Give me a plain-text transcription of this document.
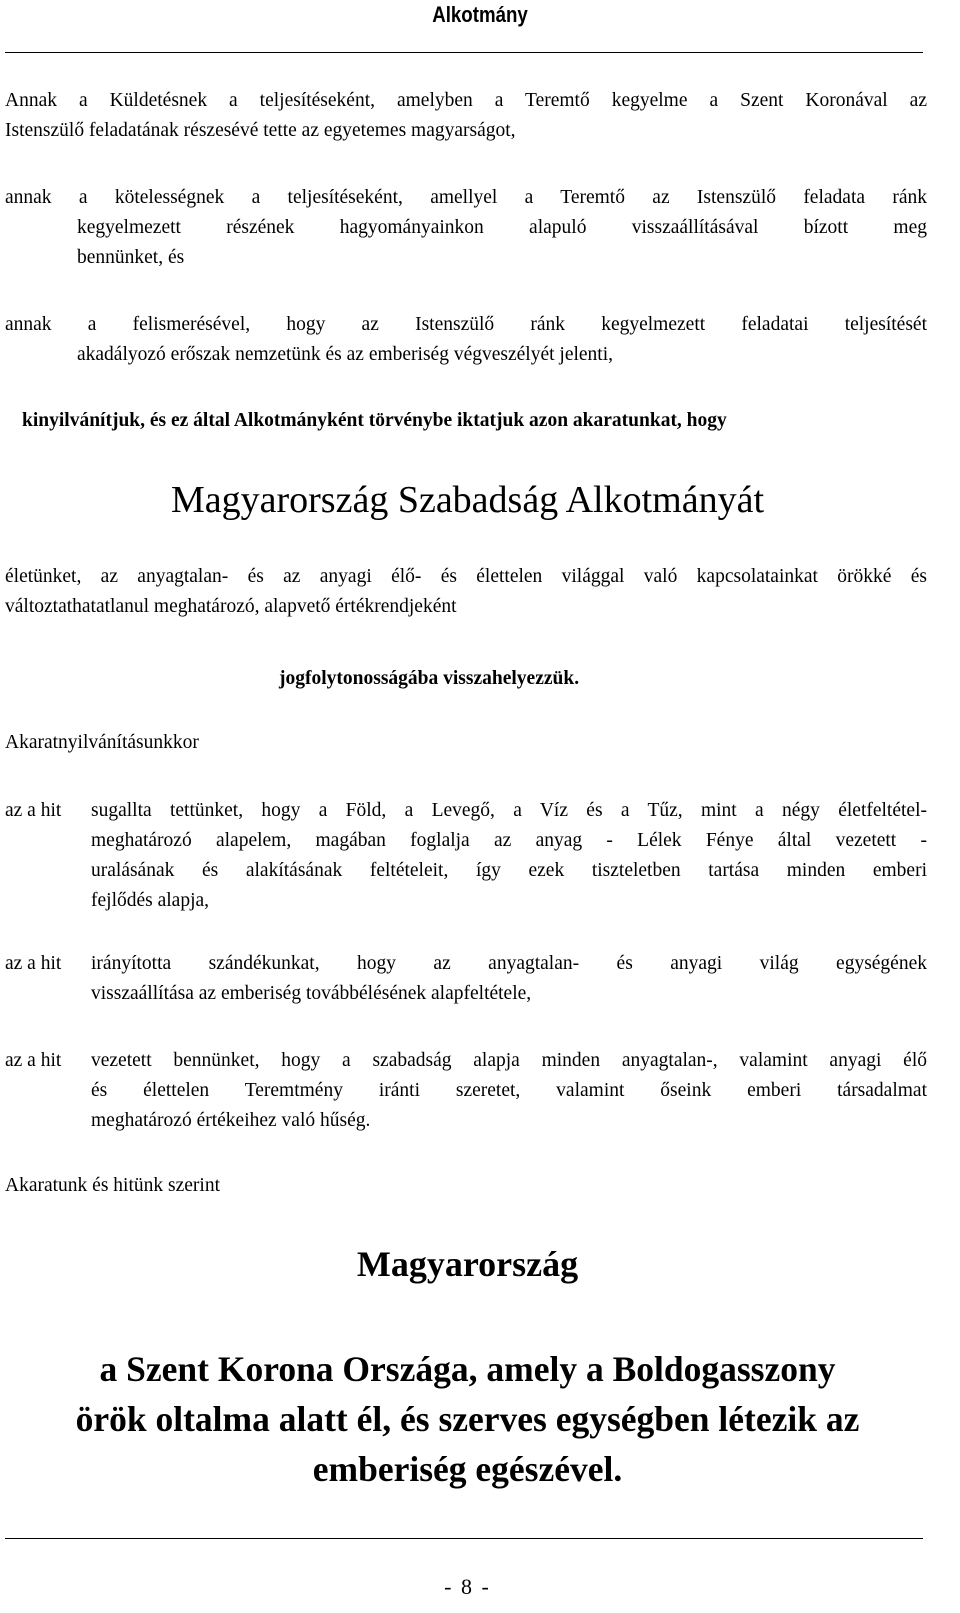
Alkotmány
Annak a Küldetésnek a teljesítéseként, amelyben a Teremtő kegyelme a Szent Koronával az
Istenszülő feladatának részesévé tette az egyetemes magyarságot,
annak a kötelességnek a teljesítéseként, amellyel a Teremtő az Istenszülő feladata ránk
kegyelmezett részének hagyományainkon alapuló visszaállításával bízott meg
bennünket, és
annak a felismerésével, hogy az Istenszülő ránk kegyelmezett feladatai teljesítését
akadályozó erőszak nemzetünk és az emberiség végveszélyét jelenti,
kinyilvánítjuk, és ez által Alkotmányként törvénybe iktatjuk azon akaratunkat, hogy
Magyarország Szabadság Alkotmányát
életünket, az anyagtalan- és az anyagi élő- és élettelen világgal való kapcsolatainkat örökké és
változtathatatlanul meghatározó, alapvető értékrendjeként
jogfolytonosságába visszahelyezzük.
Akaratnyilvánításunkkor
az a hit sugallta tettünket, hogy a Föld, a Levegő, a Víz és a Tűz, mint a négy életfeltétel-
meghatározó alapelem, magában foglalja az anyag - Lélek Fénye által vezetett -
uralásának és alakításának feltételeit, így ezek tiszteletben tartása minden emberi
fejlődés alapja,
az a hit irányította szándékunkat, hogy az anyagtalan- és anyagi világ egységének
visszaállítása az emberiség továbbélésének alapfeltétele,
az a hit vezetett bennünket, hogy a szabadság alapja minden anyagtalan-, valamint anyagi élő
és élettelen Teremtmény iránti szeretet, valamint őseink emberi társadalmat
meghatározó értékeihez való hűség.
Akaratunk és hitünk szerint
Magyarország
a Szent Korona Országa, amely a Boldogasszony
örök oltalma alatt él, és szerves egységben létezik az
emberiség egészével.
- 8 -
